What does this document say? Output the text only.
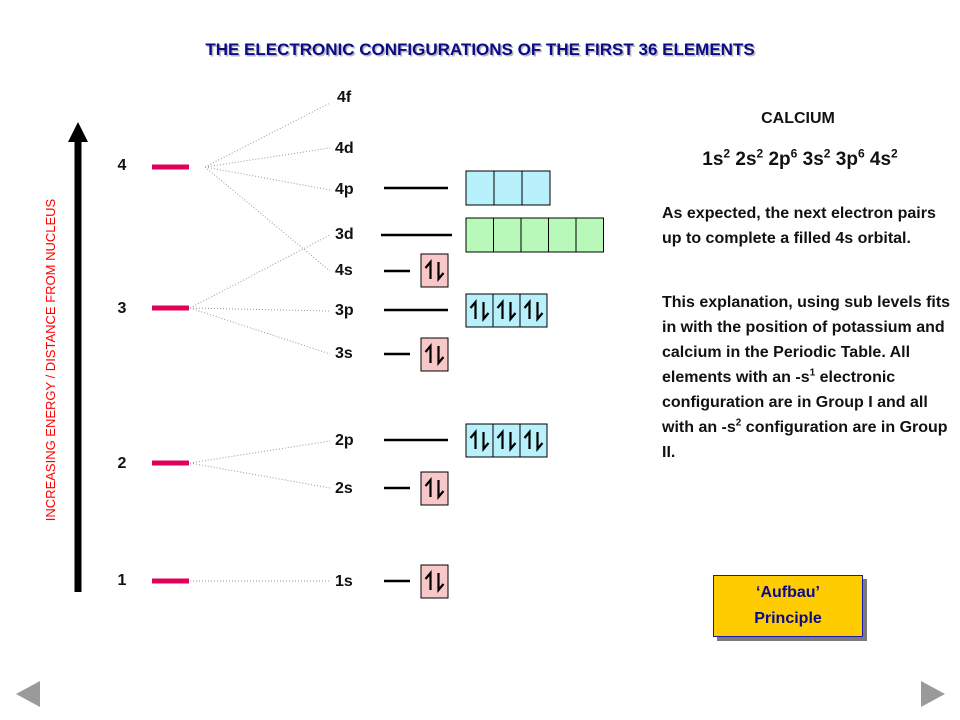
THE ELECTRONIC CONFIGURATIONS OF THE FIRST 36 ELEMENTS
INCREASING ENERGY / DISTANCE FROM NUCLEUS
1
2
3
4
4f
4d
4p
3d
4s
3p
3s
2p
2s
1s
CALCIUM
$1s^2$ $2s^2$ $2p^6$ $3s^2$ $3p^6$ $4s^2$
As expected, the next electron pairs up to complete a filled 4s orbital.
This explanation, using sub levels fits in with the position of potassium and calcium in the Periodic Table. All elements with an $-s^1$ electronic configuration are in Group I and all with an $-s^2$ configuration are in Group II.
‘Aufbau’
Principle
